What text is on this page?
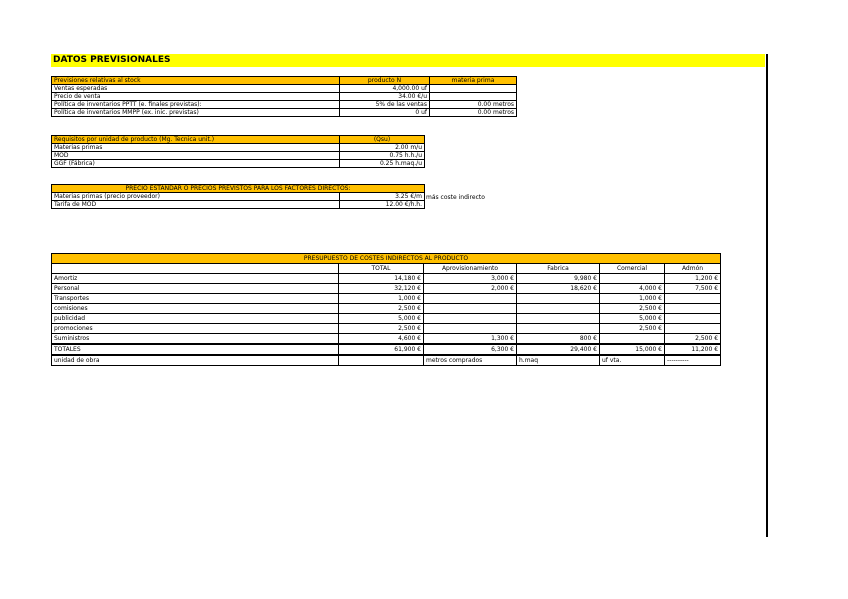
DATOS PREVISIONALES
Previsiones relativas al stock	producto N	materia prima
Ventas esperadas	4,000.00 uf	
Precio de venta	34.00 €/u	
Política de inventarios PPTT (e. finales previstas):	5% de las ventas	0.00 metros
Política de inventarios MMPP (ex. inic. previstas)	0 uf	0.00 metros
Requisitos por unidad de producto (Mg. Tecnica unit.)	(Qsu)
Materias primas	2.00 m/u
MOD	0.75 h.h./u
GGF (Fábrica)	0.25 h.maq./u
PRECIO ESTÁNDAR O PRECIOS PREVISTOS PARA LOS FACTORES DIRECTOS:	
Materias primas (precio proveedor)	3.25 €/m
Tarifa de MOD	12.00 €/h.h.
más coste indirecto
PRESUPUESTO DE COSTES INDIRECTOS AL PRODUCTO					
	TOTAL	Aprovisionamiento	Fabrica	Comercial	Admón
Amortiz	14,180 €	3,000 €	9,980 €		1,200 €
Personal	32,120 €	2,000 €	18,620 €	4,000 €	7,500 €
Transportes	1,000 €			1,000 €	
comisiones	2,500 €			2,500 €	
publicidad	5,000 €			5,000 €	
promociones	2,500 €			2,500 €	
Suministros	4,600 €	1,300 €	800 €		2,500 €
TOTALES	61,900 €	6,300 €	29,400 €	15,000 €	11,200 €
unidad de obra		metros comprados	h.maq	uf vta.	----------
